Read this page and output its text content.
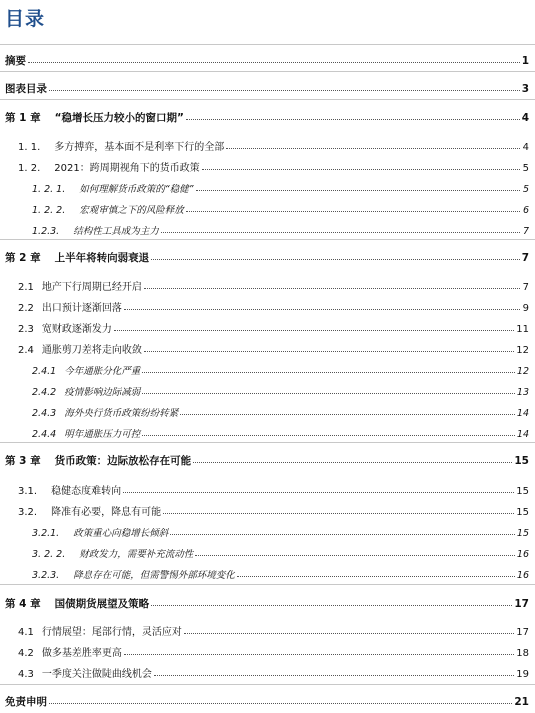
目录
摘要	1
图表目录	3
第 1 章 “稳增长压力较小的窗口期”	4
1. 1. 多方搏弈，基本面不是利率下行的全部	4
1. 2. 2021：跨周期视角下的货币政策	5
1. 2. 1. 如何理解货币政策的“稳健”	5
1. 2. 2. 宏观审慎之下的风险释放	6
1.2.3. 结构性工具成为主力	7
第 2 章 上半年将转向弱衰退	7
2.1 地产下行周期已经开启	7
2.2 出口预计逐渐回落	9
2.3 宽财政逐渐发力	11
2.4 通胀剪刀差将走向收敛	12
2.4.1 今年通胀分化严重	12
2.4.2 疫情影响边际减弱	13
2.4.3 海外央行货币政策纷纷转紧	14
2.4.4 明年通胀压力可控	14
第 3 章 货币政策：边际放松存在可能	15
3.1. 稳健态度难转向	15
3.2. 降准有必要，降息有可能	15
3.2.1. 政策重心向稳增长倾斜	15
3. 2. 2. 财政发力，需要补充流动性	16
3.2.3. 降息存在可能，但需警惕外部环境变化	16
第 4 章 国债期货展望及策略	17
4.1 行情展望：尾部行情，灵活应对	17
4.2 做多基差胜率更高	18
4.3 一季度关注做陡曲线机会	19
免责申明	21
